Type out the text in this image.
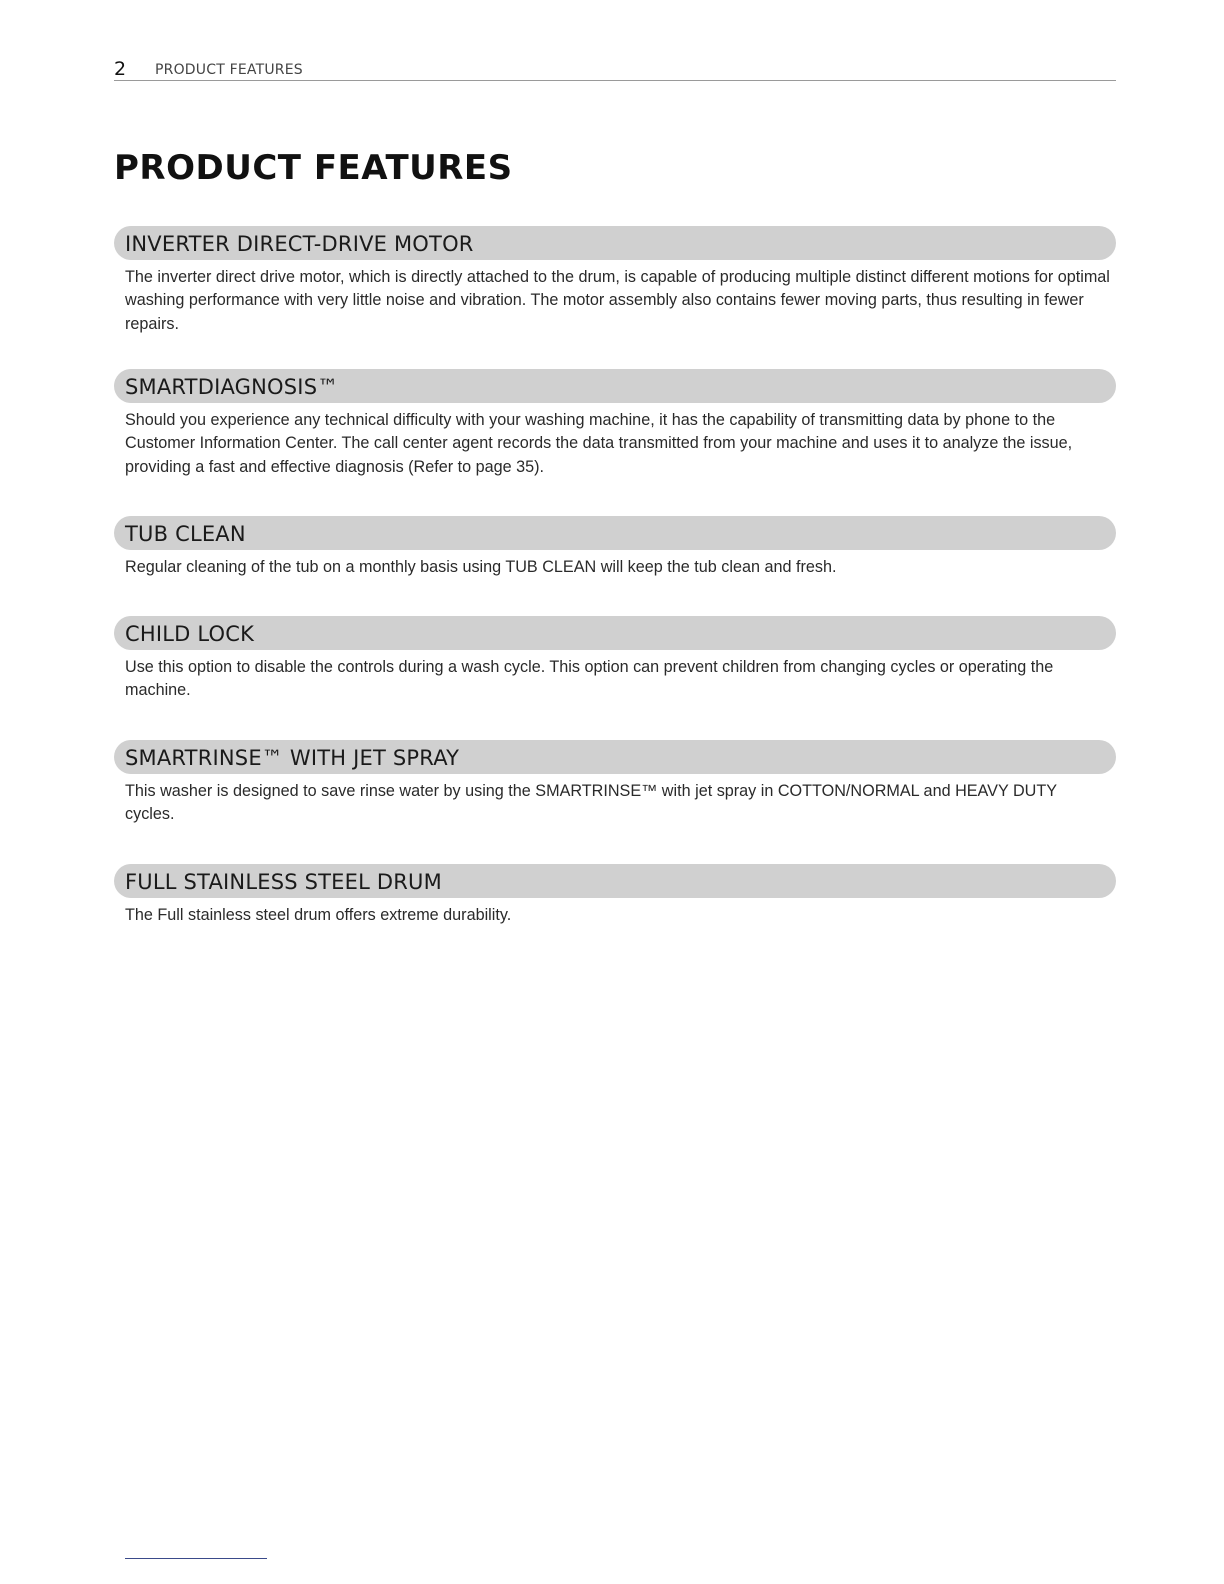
2 PRODUCT FEATURES
PRODUCT FEATURES
INVERTER DIRECT-DRIVE MOTOR

The inverter direct drive motor, which is directly attached to the drum, is capable of producing multiple distinct different motions for optimal washing performance with very little noise and vibration. The motor assembly also contains fewer moving parts, thus resulting in fewer repairs.

SMARTDIAGNOSIS™

Should you experience any technical difficulty with your washing machine, it has the capability of transmitting data by phone to the Customer Information Center. The call center agent records the data transmitted from your machine and uses it to analyze the issue, providing a fast and effective diagnosis (Refer to page 35).

TUB CLEAN

Regular cleaning of the tub on a monthly basis using TUB CLEAN will keep the tub clean and fresh.

CHILD LOCK

Use this option to disable the controls during a wash cycle. This option can prevent children from changing cycles or operating the machine.

SMARTRINSE™ WITH JET SPRAY

This washer is designed to save rinse water by using the SMARTRINSE™ with jet spray in COTTON/NORMAL and HEAVY DUTY cycles.

FULL STAINLESS STEEL DRUM

The Full stainless steel drum offers extreme durability.
